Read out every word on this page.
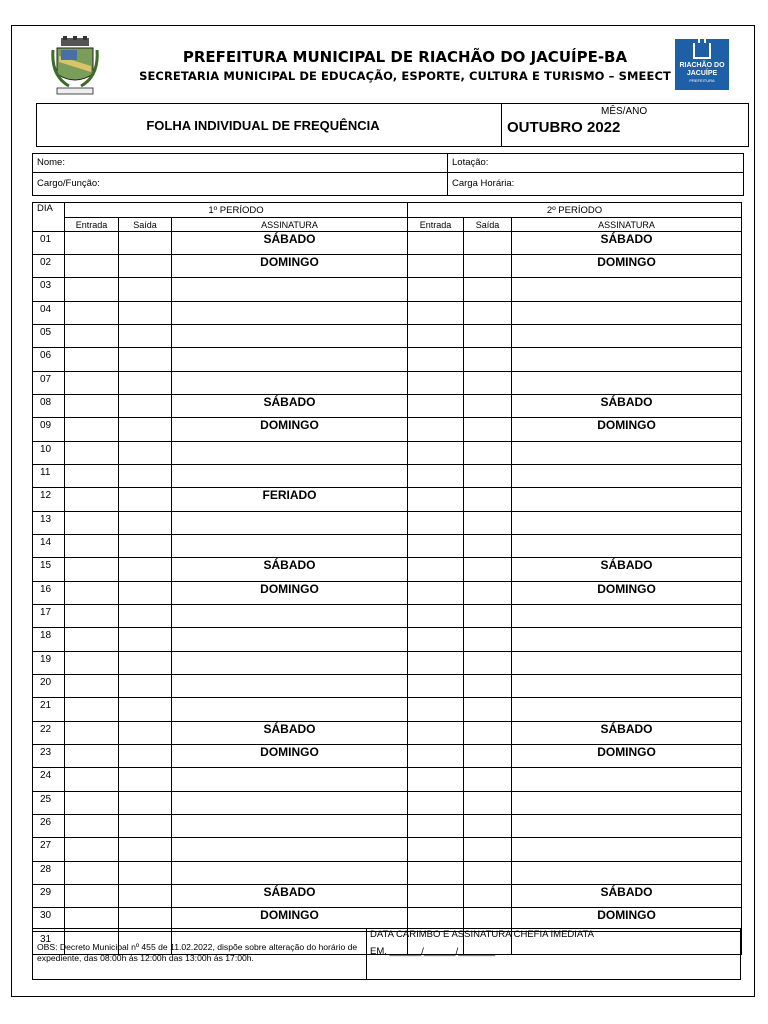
PREFEITURA MUNICIPAL DE RIACHÃO DO JACUÍPE-BA
SECRETARIA MUNICIPAL DE EDUCAÇÃO, ESPORTE, CULTURA E TURISMO – SMEECT
RIACHÃO DO JACUÍPE
PREFEITURA
FOLHA INDIVIDUAL DE FREQUÊNCIA
MÊS/ANO
OUTUBRO 2022
Nome:	Lotação:
Cargo/Função:	Carga Horária:
DIA	1º PERÍODO			2º PERÍODO		
	Entrada	Saída	ASSINATURA	Entrada	Saída	ASSINATURA
01			SÁBADO			SÁBADO
02			DOMINGO			DOMINGO
03						
04						
05						
06						
07						
08			SÁBADO			SÁBADO
09			DOMINGO			DOMINGO
10						
11						
12			FERIADO			
13						
14						
15			SÁBADO			SÁBADO
16			DOMINGO			DOMINGO
17						
18						
19						
20						
21						
22			SÁBADO			SÁBADO
23			DOMINGO			DOMINGO
24						
25						
26						
27						
28						
29			SÁBADO			SÁBADO
30			DOMINGO			DOMINGO
31						
OBS: Decreto Municipal nº 455 de 11.02.2022, dispõe sobre alteração do horário de expediente, das 08:00h ás 12:00h das 13:00h ás 17:00h.
DATA CARIMBO E ASSINATURA CHEFIA IMEDIATA
EM, ______/______/_______
